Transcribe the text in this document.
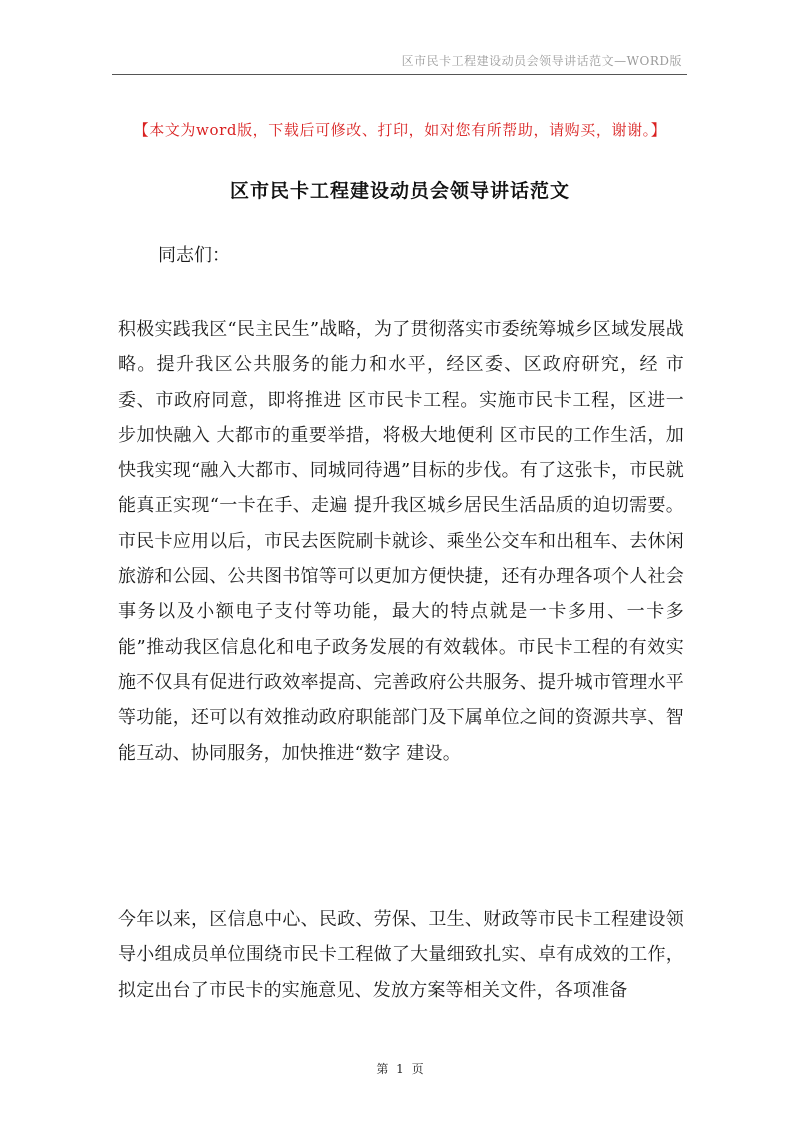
区市民卡工程建设动员会领导讲话范文—WORD版
【本文为word版，下载后可修改、打印，如对您有所帮助，请购买，谢谢。】
区市民卡工程建设动员会领导讲话范文
同志们：
积极实践我区“民主民生”战略，为了贯彻落实市委统筹城乡区域发展战略。提升我区公共服务的能力和水平，经区委、区政府研究，经 市委、市政府同意，即将推进 区市民卡工程。实施市民卡工程，区进一步加快融入 大都市的重要举措，将极大地便利 区市民的工作生活，加快我实现“融入大都市、同城同待遇”目标的步伐。有了这张卡，市民就能真正实现“一卡在手、走遍 提升我区城乡居民生活品质的迫切需要。市民卡应用以后，市民去医院刷卡就诊、乘坐公交车和出租车、去休闲旅游和公园、公共图书馆等可以更加方便快捷，还有办理各项个人社会事务以及小额电子支付等功能，最大的特点就是一卡多用、一卡多能”推动我区信息化和电子政务发展的有效载体。市民卡工程的有效实施不仅具有促进行政效率提高、完善政府公共服务、提升城市管理水平等功能，还可以有效推动政府职能部门及下属单位之间的资源共享、智能互动、协同服务，加快推进“数字 建设。
今年以来，区信息中心、民政、劳保、卫生、财政等市民卡工程建设领导小组成员单位围绕市民卡工程做了大量细致扎实、卓有成效的工作，拟定出台了市民卡的实施意见、发放方案等相关文件，各项准备
第 1 页
